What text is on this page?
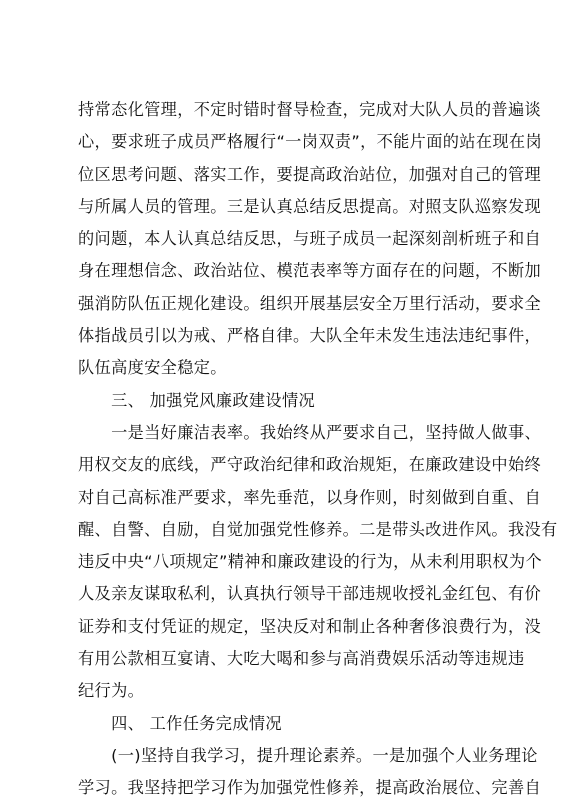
持常态化管理，不定时错时督导检查，完成对大队人员的普遍谈
心，要求班子成员严格履行“一岗双责”，不能片面的站在现在岗
位区思考问题、落实工作，要提高政治站位，加强对自己的管理
与所属人员的管理。三是认真总结反思提高。对照支队巡察发现
的问题，本人认真总结反思，与班子成员一起深刻剖析班子和自
身在理想信念、政治站位、模范表率等方面存在的问题，不断加
强消防队伍正规化建设。组织开展基层安全万里行活动，要求全
体指战员引以为戒、严格自律。大队全年未发生违法违纪事件，
队伍高度安全稳定。
　　三、 加强党风廉政建设情况
　　一是当好廉洁表率。我始终从严要求自己，坚持做人做事、
用权交友的底线，严守政治纪律和政治规矩，在廉政建设中始终
对自己高标准严要求，率先垂范，以身作则，时刻做到自重、自
醒、自警、自励，自觉加强党性修养。二是带头改进作风。我没有
违反中央“八项规定”精神和廉政建设的行为，从未利用职权为个
人及亲友谋取私利，认真执行领导干部违规收授礼金红包、有价
证券和支付凭证的规定，坚决反对和制止各种奢侈浪费行为，没
有用公款相互宴请、大吃大喝和参与高消费娱乐活动等违规违
纪行为。
　　四、 工作任务完成情况
　　(一)坚持自我学习，提升理论素养。一是加强个人业务理论
学习。我坚持把学习作为加强党性修养，提高政治展位、完善自
